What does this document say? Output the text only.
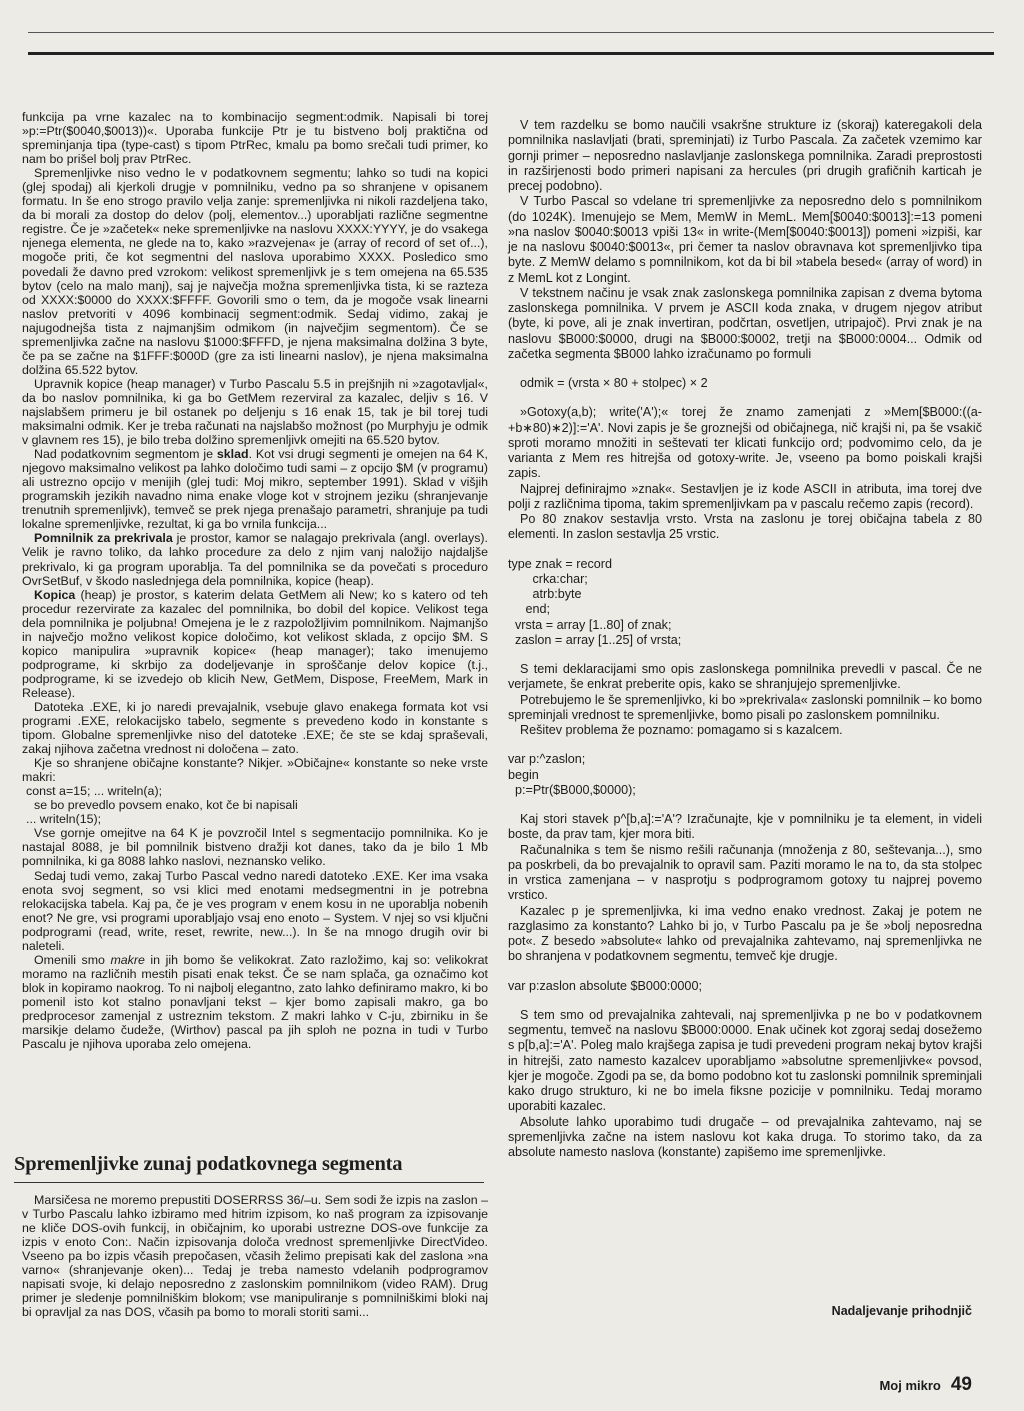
funkcija pa vrne kazalec na to kombinacijo segment:odmik. Napisali bi torej »p:=Ptr($0040,$0013))«. Uporaba funkcije Ptr je tu bistveno bolj praktična od spreminjanja tipa (type-cast) s tipom PtrRec, kmalu pa bomo srečali tudi primer, ko nam bo prišel bolj prav PtrRec.

Spremenljivke niso vedno le v podatkovnem segmentu; lahko so tudi na kopici (glej spodaj) ali kjerkoli drugje v pomnilniku, vedno pa so shranjene v opisanem formatu. In še eno strogo pravilo velja zanje: spremenljivka ni nikoli razdeljena tako, da bi morali za dostop do delov (polj, elementov...) uporabljati različne segmentne registre. Če je »začetek« neke spremenljivke na naslovu XXXX:YYYY, je do vsakega njenega elementa, ne glede na to, kako »razvejena« je (array of record of set of...), mogoče priti, če kot segmentni del naslova uporabimo XXXX. Posledico smo povedali že davno pred vzrokom: velikost spremenljivk je s tem omejena na 65.535 bytov (celo na malo manj), saj je največja možna spremenljivka tista, ki se razteza od XXXX:$0000 do XXXX:$FFFF. Govorili smo o tem, da je mogoče vsak linearni naslov pretvoriti v 4096 kombinacij segment:odmik. Sedaj vidimo, zakaj je najugodnejša tista z najmanjšim odmikom (in največjim segmentom). Če se spremenljivka začne na naslovu $1000:$FFFD, je njena maksimalna dolžina 3 byte, če pa se začne na $1FFF:$000D (gre za isti linearni naslov), je njena maksimalna dolžina 65.522 bytov.

Upravnik kopice (heap manager) v Turbo Pascalu 5.5 in prejšnjih ni »zagotavljal«, da bo naslov pomnilnika, ki ga bo GetMem rezerviral za kazalec, deljiv s 16. V najslabšem primeru je bil ostanek po deljenju s 16 enak 15, tak je bil torej tudi maksimalni odmik. Ker je treba računati na najslabšo možnost (po Murphyju je odmik v glavnem res 15), je bilo treba dolžino spremenljivk omejiti na 65.520 bytov.

Nad podatkovnim segmentom je sklad. Kot vsi drugi segmenti je omejen na 64 K, njegovo maksimalno velikost pa lahko določimo tudi sami – z opcijo $M (v programu) ali ustrezno opcijo v menijih (glej tudi: Moj mikro, september 1991). Sklad v višjih programskih jezikih navadno nima enake vloge kot v strojnem jeziku (shranjevanje trenutnih spremenljivk), temveč se prek njega prenašajo parametri, shranjuje pa tudi lokalne spremenljivke, rezultat, ki ga bo vrnila funkcija...

Pomnilnik za prekrivala je prostor, kamor se nalagajo prekrivala (angl. overlays). Velik je ravno toliko, da lahko procedure za delo z njim vanj naložijo najdaljše prekrivalo, ki ga program uporablja. Ta del pomnilnika se da povečati s proceduro OvrSetBuf, v škodo naslednjega dela pomnilnika, kopice (heap).

Kopica (heap) je prostor, s katerim delata GetMem ali New; ko s katero od teh procedur rezervirate za kazalec del pomnilnika, bo dobil del kopice. Velikost tega dela pomnilnika je poljubna! Omejena je le z razpoložljivim pomnilnikom. Najmanjšo in največjo možno velikost kopice določimo, kot velikost sklada, z opcijo $M. S kopico manipulira »upravnik kopice« (heap manager); tako imenujemo podprograme, ki skrbijo za dodeljevanje in sproščanje delov kopice (t.j., podprograme, ki se izvedejo ob klicih New, GetMem, Dispose, FreeMem, Mark in Release).

Datoteka .EXE, ki jo naredi prevajalnik, vsebuje glavo enakega formata kot vsi programi .EXE, relokacijsko tabelo, segmente s prevedeno kodo in konstante s tipom. Globalne spremenljivke niso del datoteke .EXE; če ste se kdaj spraševali, zakaj njihova začetna vrednost ni določena – zato.

Kje so shranjene običajne konstante? Nikjer. »Običajne« konstante so neke vrste makri:

const a=15; ... writeln(a);

se bo prevedlo povsem enako, kot če bi napisali

... writeln(15);

Vse gornje omejitve na 64 K je povzročil Intel s segmentacijo pomnilnika. Ko je nastajal 8088, je bil pomnilnik bistveno dražji kot danes, tako da je bilo 1 Mb pomnilnika, ki ga 8088 lahko naslovi, neznansko veliko.

Sedaj tudi vemo, zakaj Turbo Pascal vedno naredi datoteko .EXE. Ker ima vsaka enota svoj segment, so vsi klici med enotami medsegmentni in je potrebna relokacijska tabela. Kaj pa, če je ves program v enem kosu in ne uporablja nobenih enot? Ne gre, vsi programi uporabljajo vsaj eno enoto – System. V njej so vsi ključni podprogrami (read, write, reset, rewrite, new...). In še na mnogo drugih ovir bi naleteli.

Omenili smo makre in jih bomo še velikokrat. Zato razložimo, kaj so: velikokrat moramo na različnih mestih pisati enak tekst. Če se nam splača, ga označimo kot blok in kopiramo naokrog. To ni najbolj elegantno, zato lahko definiramo makro, ki bo pomenil isto kot stalno ponavljani tekst – kjer bomo zapisali makro, ga bo predprocesor zamenjal z ustreznim tekstom. Z makri lahko v C-ju, zbirniku in še marsikje delamo čudeže, (Wirthov) pascal pa jih sploh ne pozna in tudi v Turbo Pascalu je njihova uporaba zelo omejena.

Spremenljivke zunaj podatkovnega segmenta

Marsičesa ne moremo prepustiti DOSERRSS 36/–u. Sem sodi že izpis na zaslon – v Turbo Pascalu lahko izbiramo med hitrim izpisom, ko naš program za izpisovanje ne kliče DOS-ovih funkcij, in običajnim, ko uporabi ustrezne DOS-ove funkcije za izpis v enoto Con:. Način izpisovanja določa vrednost spremenljivke DirectVideo. Vseeno pa bo izpis včasih prepočasen, včasih želimo prepisati kak del zaslona »na varno« (shranjevanje oken)... Tedaj je treba namesto vdelanih podprogramov napisati svoje, ki delajo neposredno z zaslonskim pomnilnikom (video RAM). Drug primer je sledenje pomnilniškim blokom; vse manipuliranje s pomnilniškimi bloki naj bi opravljal za nas DOS, včasih pa bomo to morali storiti sami...

V tem razdelku se bomo naučili vsakršne strukture iz (skoraj) kateregakoli dela pomnilnika naslavljati (brati, spreminjati) iz Turbo Pascala. Za začetek vzemimo kar gornji primer – neposredno naslavljanje zaslonskega pomnilnika. Zaradi preprostosti in razširjenosti bodo primeri napisani za hercules (pri drugih grafičnih karticah je precej podobno).

V Turbo Pascal so vdelane tri spremenljivke za neposredno delo s pomnilnikom (do 1024K). Imenujejo se Mem, MemW in MemL. Mem[$0040:$0013]:=13 pomeni »na naslov $0040:$0013 vpiši 13« in write-(Mem[$0040:$0013]) pomeni »izpiši, kar je na naslovu $0040:$0013«, pri čemer ta naslov obravnava kot spremenljivko tipa byte. Z MemW delamo s pomnilnikom, kot da bi bil »tabela besed« (array of word) in z MemL kot z Longint.

V tekstnem načinu je vsak znak zaslonskega pomnilnika zapisan z dvema bytoma zaslonskega pomnilnika. V prvem je ASCII koda znaka, v drugem njegov atribut (byte, ki pove, ali je znak invertiran, podčrtan, osvetljen, utripajoč). Prvi znak je na naslovu $B000:$0000, drugi na $B000:$0002, tretji na $B000:0004... Odmik od začetka segmenta $B000 lahko izračunamo po formuli

odmik = (vrsta × 80 + stolpec) × 2

»Gotoxy(a,b); write('A');« torej že znamo zamenjati z »Mem[$B000:((a-+b∗80)∗2)]:='A'. Novi zapis je še groznejši od običajnega, nič krajši ni, pa še vsakič sproti moramo množiti in seštevati ter klicati funkcijo ord; podvomimo celo, da je varianta z Mem res hitrejša od gotoxy-write. Je, vseeno pa bomo poiskali krajši zapis.

Najprej definirajmo »znak«. Sestavljen je iz kode ASCII in atributa, ima torej dve polji z različnima tipoma, takim spremenljivkam pa v pascalu rečemo zapis (record).

Po 80 znakov sestavlja vrsto. Vrsta na zaslonu je torej običajna tabela z 80 elementi. In zaslon sestavlja 25 vrstic.

type znak = record
crka:char;
atrb:byte
end;
vrsta = array [1..80] of znak;
zaslon = array [1..25] of vrsta;

S temi deklaracijami smo opis zaslonskega pomnilnika prevedli v pascal. Če ne verjamete, še enkrat preberite opis, kako se shranjujejo spremenljivke.

Potrebujemo le še spremenljivko, ki bo »prekrivala« zaslonski pomnilnik – ko bomo spreminjali vrednost te spremenljivke, bomo pisali po zaslonskem pomnilniku.

Rešitev problema že poznamo: pomagamo si s kazalcem.

var p:^zaslon;
begin
p:=Ptr($B000,$0000);

Kaj stori stavek p^[b,a]:='A'? Izračunajte, kje v pomnilniku je ta element, in videli boste, da prav tam, kjer mora biti.

Računalnika s tem še nismo rešili računanja (množenja z 80, seštevanja...), smo pa poskrbeli, da bo prevajalnik to opravil sam. Paziti moramo le na to, da sta stolpec in vrstica zamenjana – v nasprotju s podprogramom gotoxy tu najprej povemo vrstico.

Kazalec p je spremenljivka, ki ima vedno enako vrednost. Zakaj je potem ne razglasimo za konstanto? Lahko bi jo, v Turbo Pascalu pa je še »bolj neposredna pot«. Z besedo »absolute« lahko od prevajalnika zahtevamo, naj spremenljivka ne bo shranjena v podatkovnem segmentu, temveč kje drugje.

var p:zaslon absolute $B000:0000;

S tem smo od prevajalnika zahtevali, naj spremenljivka p ne bo v podatkovnem segmentu, temveč na naslovu $B000:0000. Enak učinek kot zgoraj sedaj dosežemo s p[b,a]:='A'. Poleg malo krajšega zapisa je tudi prevedeni program nekaj bytov krajši in hitrejši, zato namesto kazalcev uporabljamo »absolutne spremenljivke« povsod, kjer je mogoče. Zgodi pa se, da bomo podobno kot tu zaslonski pomnilnik spreminjali kako drugo strukturo, ki ne bo imela fiksne pozicije v pomnilniku. Tedaj moramo uporabiti kazalec.

Absolute lahko uporabimo tudi drugače – od prevajalnika zahtevamo, naj se spremenljivka začne na istem naslovu kot kaka druga. To storimo tako, da za absolute namesto naslova (konstante) zapišemo ime spremenljivke.

Nadaljevanje prihodnjič
Moj mikro 49
